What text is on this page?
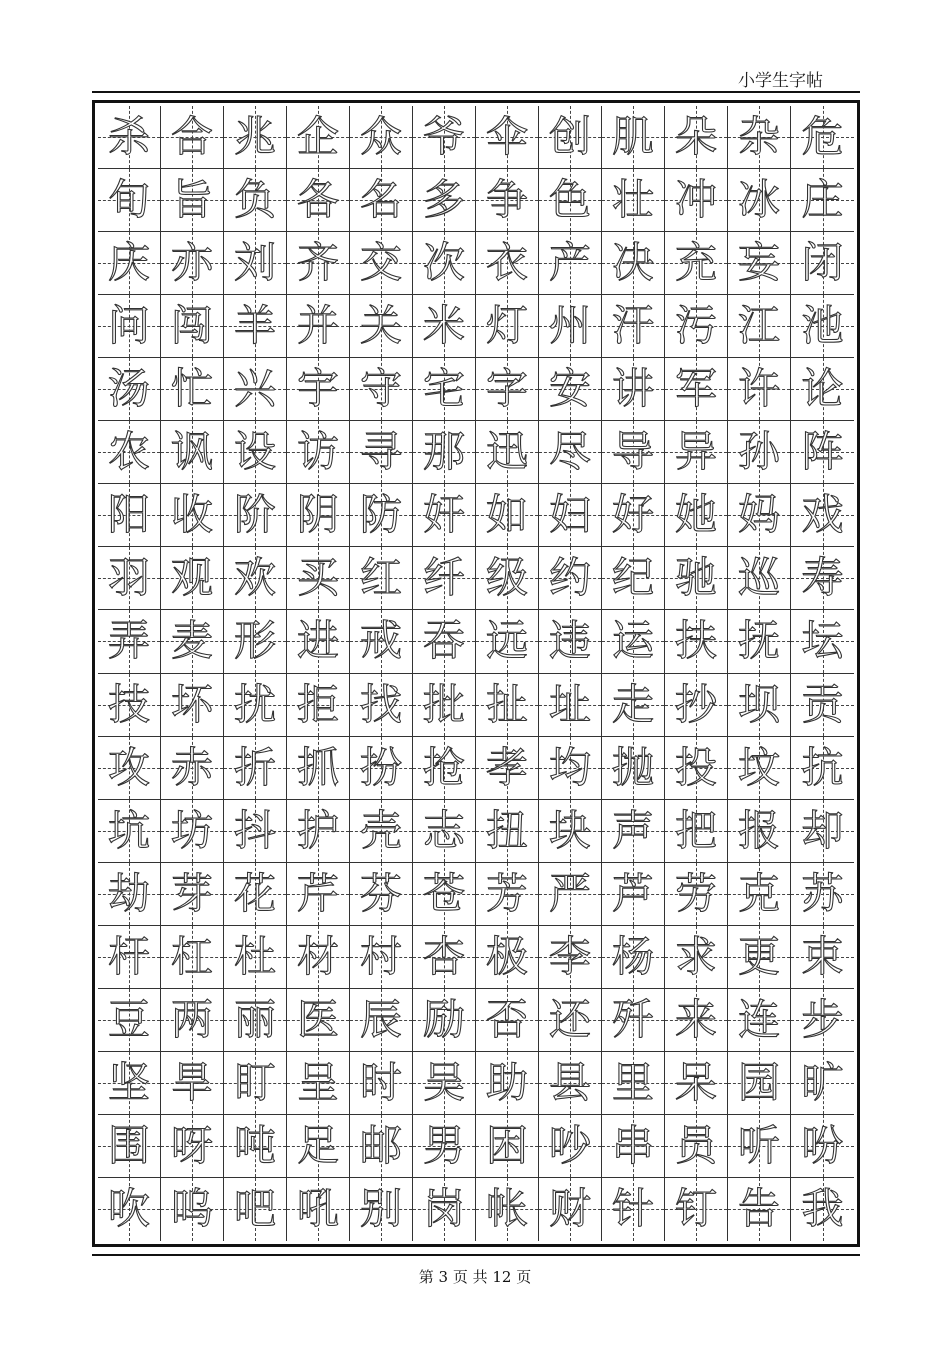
小学生字帖
杀 合 兆 企 众 爷 伞 创 肌 朵 杂 危
旬 旨 负 各 名 多 争 色 壮 冲 冰 庄
庆 亦 刘 齐 交 次 衣 产 决 充 妄 闭
问 闯 羊 并 关 米 灯 州 汗 污 江 池
汤 忙 兴 宇 守 宅 字 安 讲 军 许 论
农 讽 设 访 寻 那 迅 尽 导 异 孙 阵
阳 收 阶 阴 防 奸 如 妇 好 她 妈 戏
羽 观 欢 买 红 纤 级 约 纪 驰 巡 寿
弄 麦 形 进 戒 吞 远 违 运 扶 抚 坛
技 坏 扰 拒 找 批 扯 址 走 抄 坝 贡
攻 赤 折 抓 扮 抢 孝 均 抛 投 坟 抗
坑 坊 抖 护 壳 志 扭 块 声 把 报 却
劫 芽 花 芹 芬 苍 芳 严 芦 劳 克 苏
杆 杠 杜 材 村 杏 极 李 杨 求 更 束
豆 两 丽 医 辰 励 否 还 歼 来 连 步
坚 旱 盯 呈 时 吴 助 县 里 呆 园 旷
围 呀 吨 足 邮 男 困 吵 串 员 听 吩
吹 呜 吧 吼 别 岗 帐 财 针 钉 告 我
第 3 页 共 12 页
